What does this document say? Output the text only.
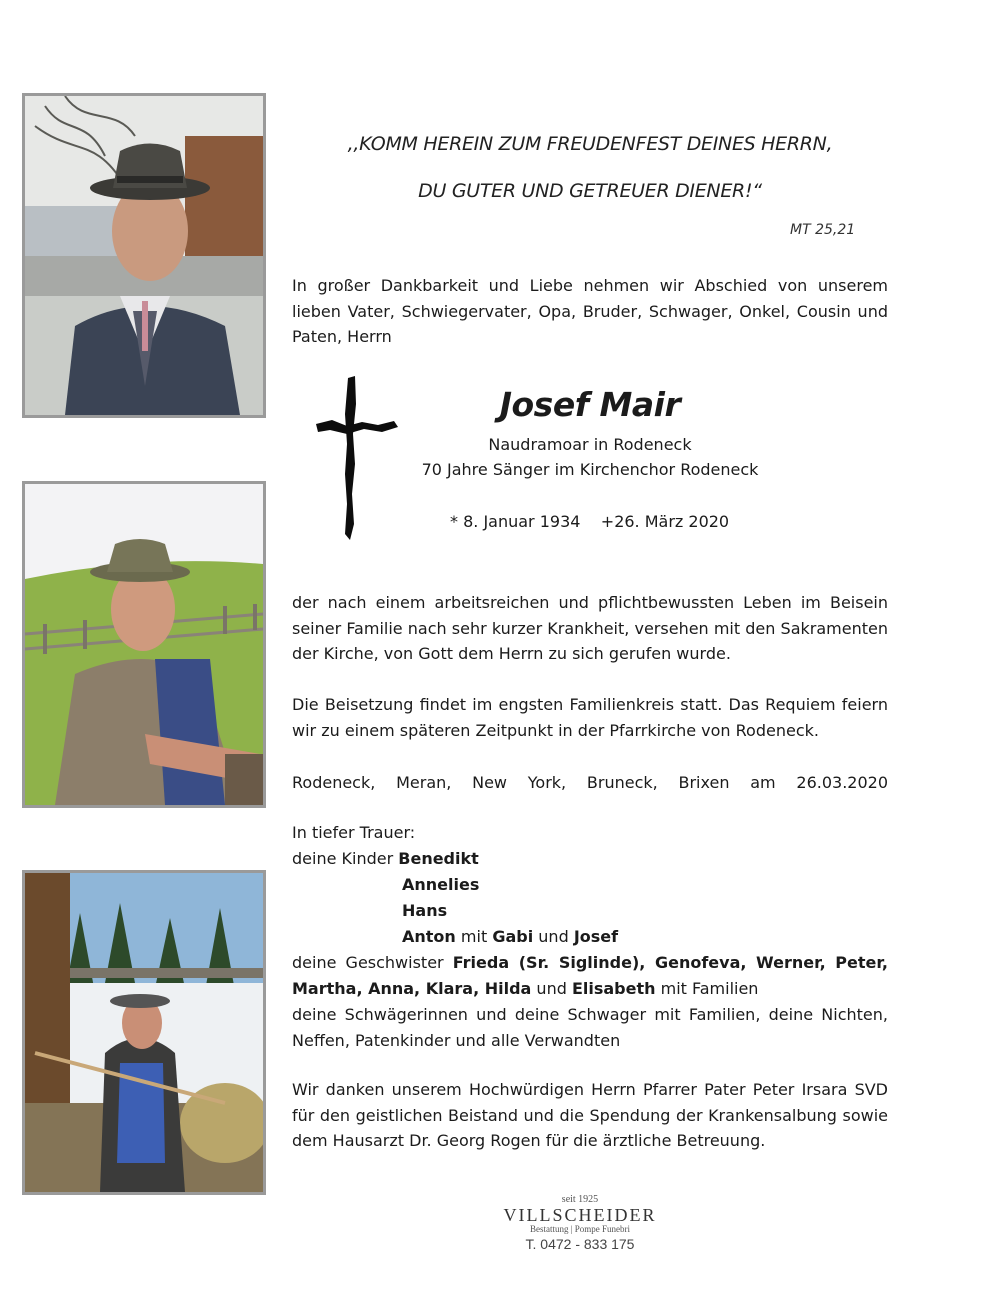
,,KOMM HEREIN ZUM FREUDENFEST DEINES HERRN,
DU GUTER UND GETREUER DIENER!“
MT 25,21
In großer Dankbarkeit und Liebe nehmen wir Abschied von unserem lieben Vater, Schwiegervater, Opa, Bruder, Schwager, Onkel, Cousin und Paten, Herrn
Josef Mair
Naudramoar in Rodeneck
70 Jahre Sänger im Kirchenchor Rodeneck
* 8. Januar 1934 +26. März 2020
der nach einem arbeitsreichen und pflichtbewussten Leben im Beisein seiner Familie nach sehr kurzer Krankheit, versehen mit den Sakramenten der Kirche, von Gott dem Herrn zu sich gerufen wurde.
Die Beisetzung findet im engsten Familienkreis statt. Das Requiem feiern wir zu einem späteren Zeitpunkt in der Pfarrkirche von Rodeneck.
Rodeneck, Meran, New York, Bruneck, Brixen am 26.03.2020
In tiefer Trauer:
deine Kinder Benedikt
Annelies
Hans
Anton mit Gabi und Josef
deine Geschwister Frieda (Sr. Siglinde), Genofeva, Werner, Peter,
Martha, Anna, Klara, Hilda und Elisabeth mit Familien
deine Schwägerinnen und deine Schwager mit Familien, deine Nichten,
Neffen, Patenkinder und alle Verwandten
Wir danken unserem Hochwürdigen Herrn Pfarrer Pater Peter Irsara SVD für den geistlichen Beistand und die Spendung der Krankensalbung sowie dem Hausarzt Dr. Georg Rogen für die ärztliche Betreuung.
seit 1925
VILLSCHEIDER
Bestattung | Pompe Funebri
T. 0472 - 833 175
